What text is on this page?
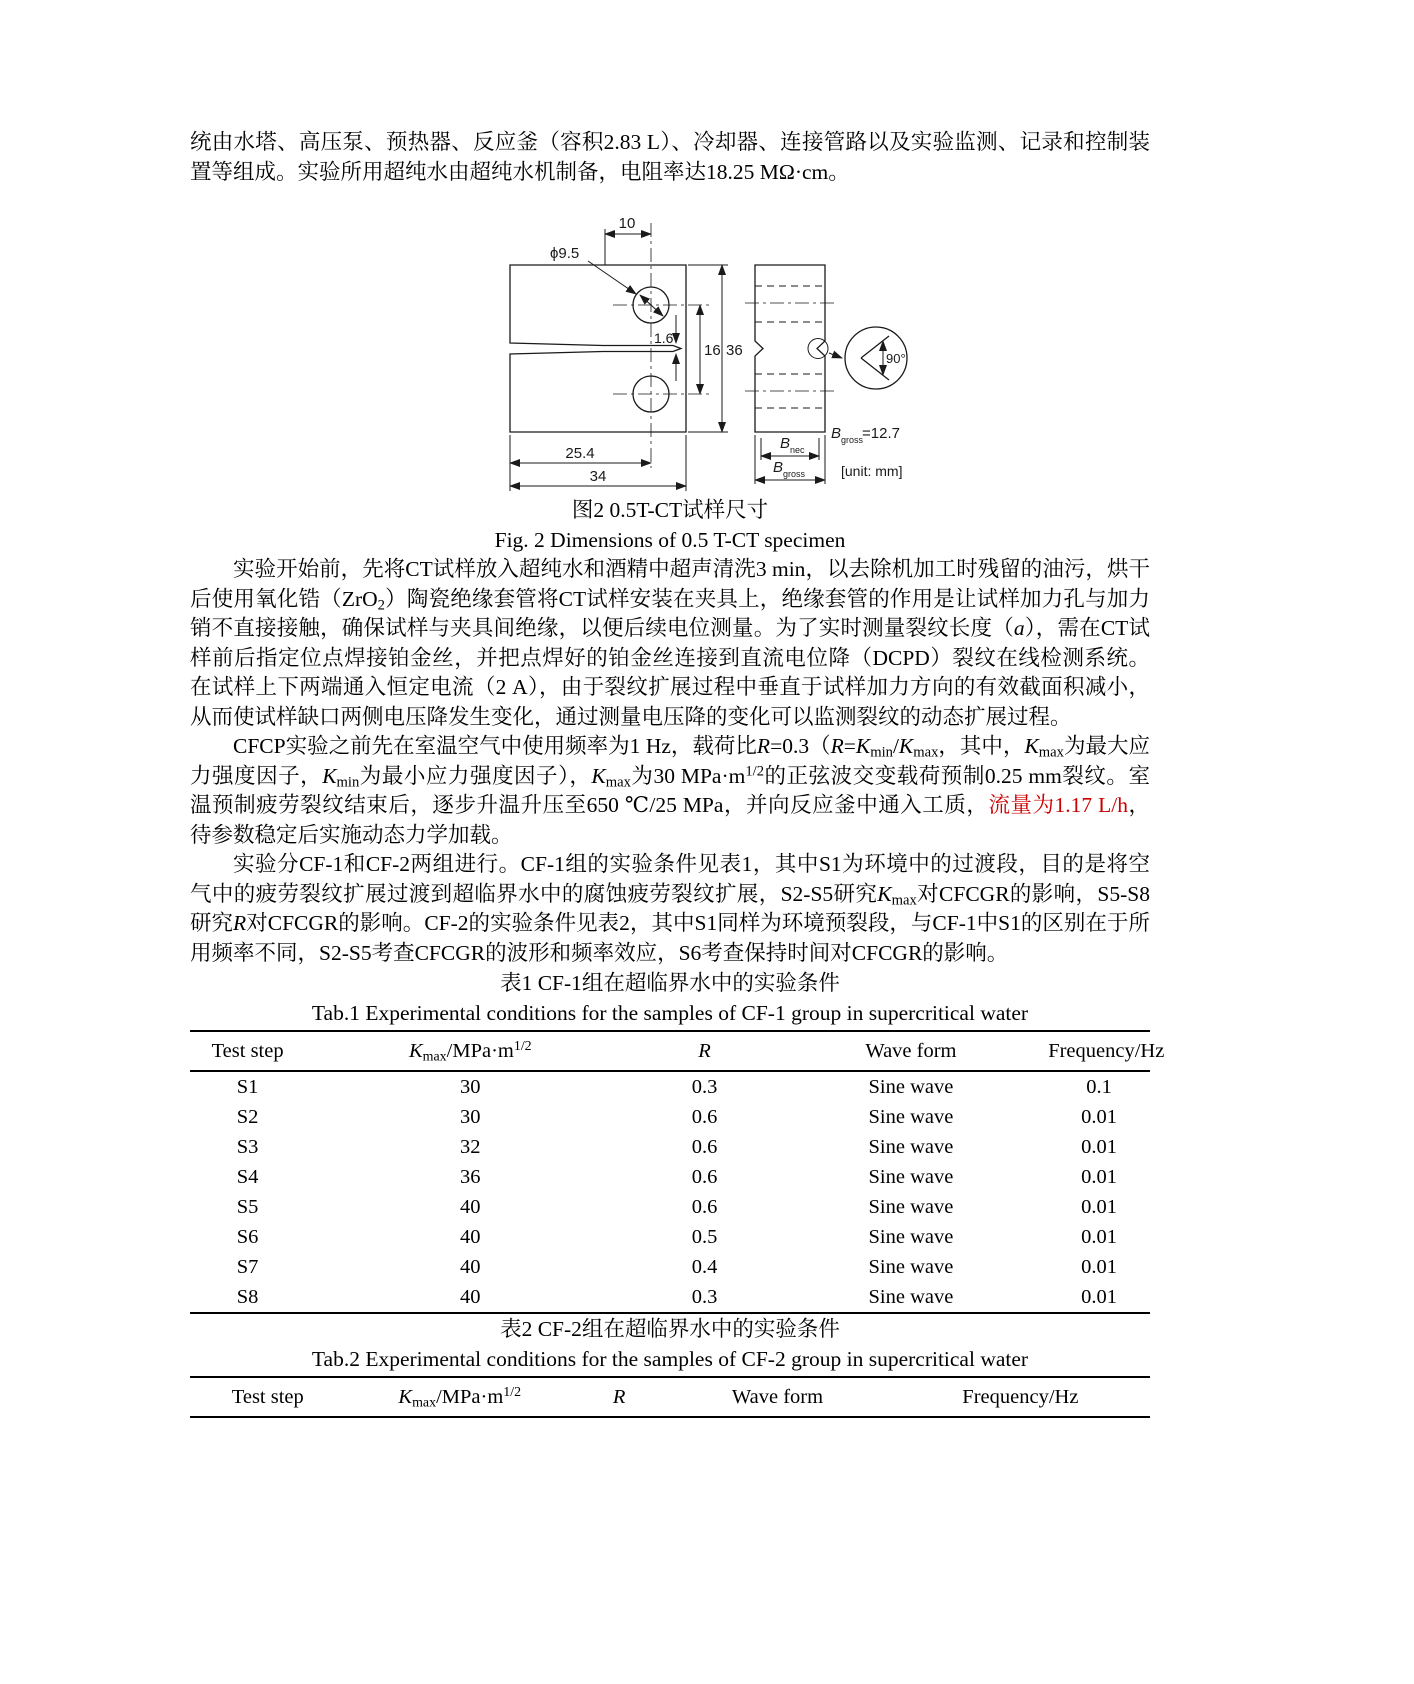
统由水塔、高压泵、预热器、反应釜（容积2.83 L）、冷却器、连接管路以及实验监测、记录和控制装置等组成。实验所用超纯水由超纯水机制备，电阻率达18.25 MΩ·cm。

10
ϕ9.5
1.6
16 36
25.4
34
B nec
B gross
90°
B gross
=12.7
[unit: mm]

图2 0.5T-CT试样尺寸

Fig. 2 Dimensions of 0.5 T-CT specimen

实验开始前，先将CT试样放入超纯水和酒精中超声清洗3 min，以去除机加工时残留的油污，烘干后使用氧化锆（ZrO2）陶瓷绝缘套管将CT试样安装在夹具上，绝缘套管的作用是让试样加力孔与加力销不直接接触，确保试样与夹具间绝缘，以便后续电位测量。为了实时测量裂纹长度（a），需在CT试样前后指定位点焊接铂金丝，并把点焊好的铂金丝连接到直流电位降（DCPD）裂纹在线检测系统。在试样上下两端通入恒定电流（2 A），由于裂纹扩展过程中垂直于试样加力方向的有效截面积减小，从而使试样缺口两侧电压降发生变化，通过测量电压降的变化可以监测裂纹的动态扩展过程。

CFCP实验之前先在室温空气中使用频率为1 Hz，载荷比R=0.3（R=Kmin/Kmax，其中，Kmax为最大应力强度因子，Kmin为最小应力强度因子），Kmax为30 $MPa\cdot m^{1/2}$的正弦波交变载荷预制0.25 mm裂纹。室温预制疲劳裂纹结束后，逐步升温升压至650 ℃/25 MPa，并向反应釜中通入工质，流量为1.17 L/h，待参数稳定后实施动态力学加载。

实验分CF-1和CF-2两组进行。CF-1组的实验条件见表1，其中S1为环境中的过渡段，目的是将空气中的疲劳裂纹扩展过渡到超临界水中的腐蚀疲劳裂纹扩展，S2-S5研究Kmax对CFCGR的影响，S5-S8研究R对CFCGR的影响。CF-2的实验条件见表2，其中S1同样为环境预裂段，与CF-1中S1的区别在于所用频率不同，S2-S5考查CFCGR的波形和频率效应，S6考查保持时间对CFCGR的影响。

表1 CF-1组在超临界水中的实验条件

Tab.1 Experimental conditions for the samples of CF-1 group in supercritical water

Test step	Kmax/$MPa\cdot m^{1/2}$	R	Wave form	Frequency/Hz
S1	30	0.3	Sine wave	0.1
S2	30	0.6	Sine wave	0.01
S3	32	0.6	Sine wave	0.01
S4	36	0.6	Sine wave	0.01
S5	40	0.6	Sine wave	0.01
S6	40	0.5	Sine wave	0.01
S7	40	0.4	Sine wave	0.01
S8	40	0.3	Sine wave	0.01

表2 CF-2组在超临界水中的实验条件

Tab.2 Experimental conditions for the samples of CF-2 group in supercritical water

Test step	Kmax/$MPa\cdot m^{1/2}$	R	Wave form	Frequency/Hz
